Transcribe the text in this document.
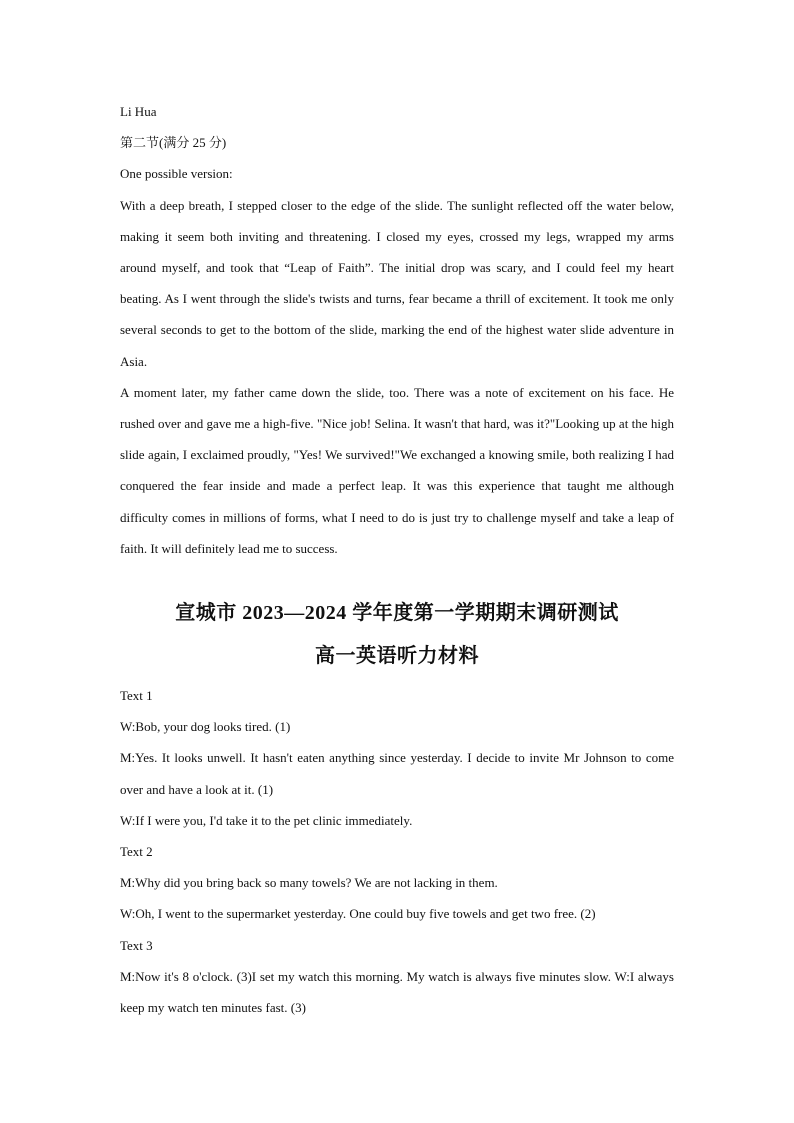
Li Hua

第二节(满分 25 分)

One possible version:

With a deep breath, I stepped closer to the edge of the slide. The sunlight reflected off the water below, making it seem both inviting and threatening. I closed my eyes, crossed my legs, wrapped my arms around myself, and took that “Leap of Faith”. The initial drop was scary, and I could feel my heart beating. As I went through the slide's twists and turns, fear became a thrill of excitement. It took me only several seconds to get to the bottom of the slide, marking the end of the highest water slide adventure in Asia.

A moment later, my father came down the slide, too. There was a note of excitement on his face. He rushed over and gave me a high-five. "Nice job! Selina. It wasn't that hard, was it?"Looking up at the high slide again, I exclaimed proudly, "Yes! We survived!"We exchanged a knowing smile, both realizing I had conquered the fear inside and made a perfect leap. It was this experience that taught me although difficulty comes in millions of forms, what I need to do is just try to challenge myself and take a leap of faith. It will definitely lead me to success.

宣城市 2023—2024 学年度第一学期期末调研测试

高一英语听力材料

Text 1

W:Bob, your dog looks tired. (1)

M:Yes. It looks unwell. It hasn't eaten anything since yesterday. I decide to invite Mr Johnson to come over and have a look at it. (1)

W:If I were you, I'd take it to the pet clinic immediately.

Text 2

M:Why did you bring back so many towels? We are not lacking in them.

W:Oh, I went to the supermarket yesterday. One could buy five towels and get two free. (2)

Text 3

M:Now it's 8 o'clock. (3)I set my watch this morning. My watch is always five minutes slow. W:I always keep my watch ten minutes fast. (3)
